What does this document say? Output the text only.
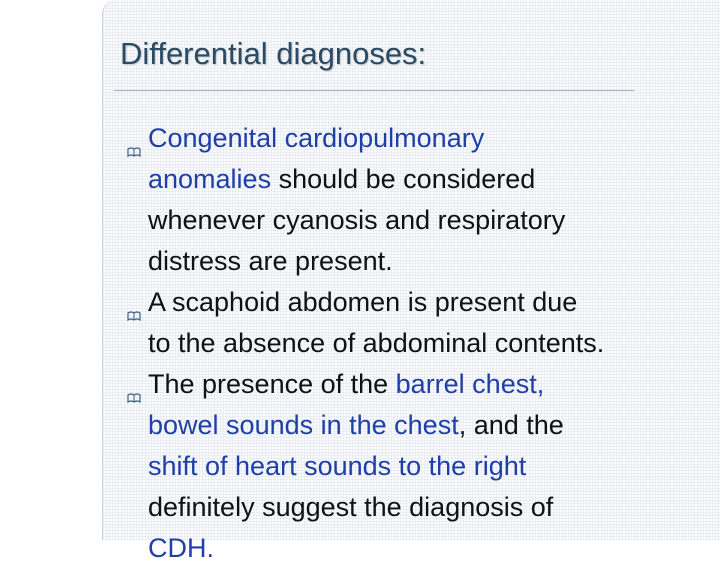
Differential diagnoses:
Congenital cardiopulmonary
anomalies should be considered
whenever cyanosis and respiratory
distress are present.
A scaphoid abdomen is present due
to the absence of abdominal contents.
The presence of the barrel chest,
bowel sounds in the chest, and the
shift of heart sounds to the right
definitely suggest the diagnosis of
CDH.
